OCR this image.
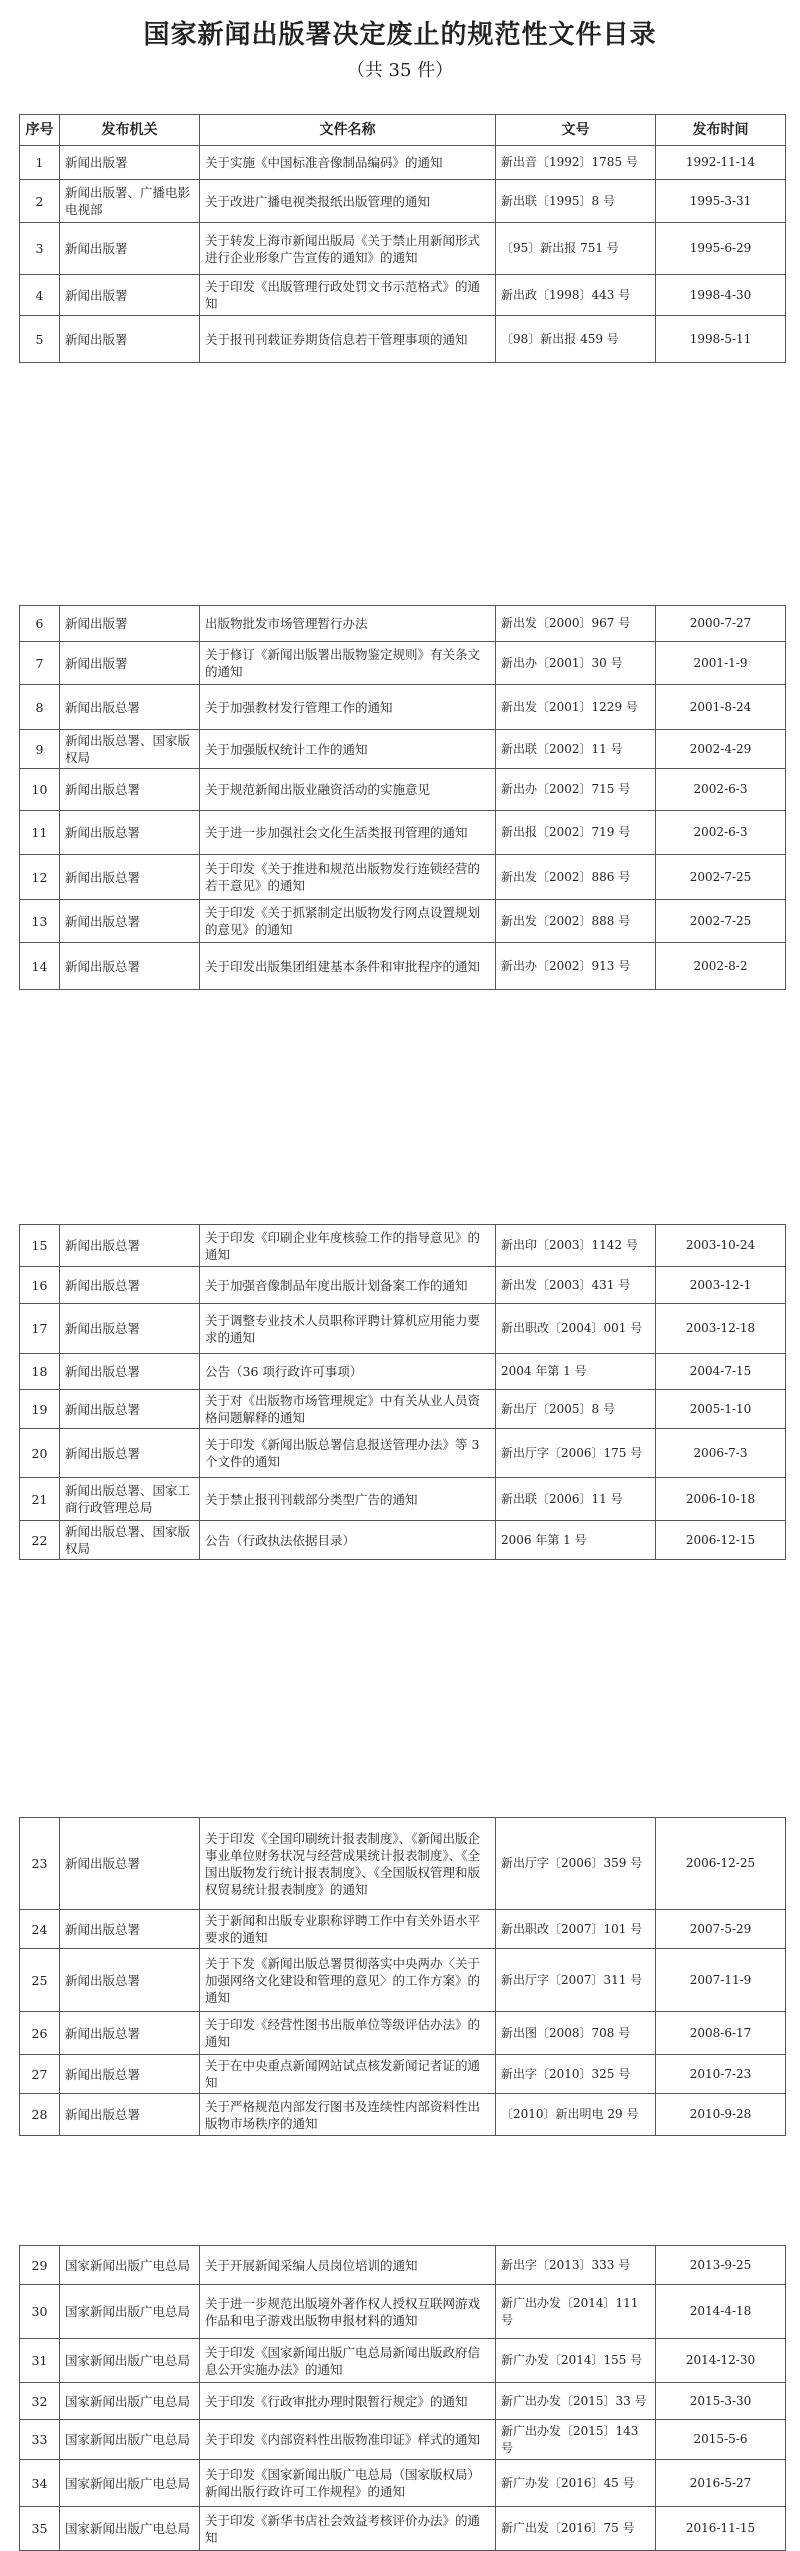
国家新闻出版署决定废止的规范性文件目录
（共 35 件）
序号	发布机关	文件名称	文号	发布时间
1	新闻出版署	关于实施《中国标准音像制品编码》的通知	新出音〔1992〕1785 号	1992-11-14
2	新闻出版署、广播电影电视部	关于改进广播电视类报纸出版管理的通知	新出联〔1995〕8 号	1995-3-31
3	新闻出版署	关于转发上海市新闻出版局《关于禁止用新闻形式进行企业形象广告宣传的通知》的通知	〔95〕新出报 751 号	1995-6-29
4	新闻出版署	关于印发《出版管理行政处罚文书示范格式》的通知	新出政〔1998〕443 号	1998-4-30
5	新闻出版署	关于报刊刊载证券期货信息若干管理事项的通知	〔98〕新出报 459 号	1998-5-11
6	新闻出版署	出版物批发市场管理暂行办法	新出发〔2000〕967 号	2000-7-27
7	新闻出版署	关于修订《新闻出版署出版物鉴定规则》有关条文的通知	新出办〔2001〕30 号	2001-1-9
8	新闻出版总署	关于加强教材发行管理工作的通知	新出发〔2001〕1229 号	2001-8-24
9	新闻出版总署、国家版权局	关于加强版权统计工作的通知	新出联〔2002〕11 号	2002-4-29
10	新闻出版总署	关于规范新闻出版业融资活动的实施意见	新出办〔2002〕715 号	2002-6-3
11	新闻出版总署	关于进一步加强社会文化生活类报刊管理的通知	新出报〔2002〕719 号	2002-6-3
12	新闻出版总署	关于印发《关于推进和规范出版物发行连锁经营的若干意见》的通知	新出发〔2002〕886 号	2002-7-25
13	新闻出版总署	关于印发《关于抓紧制定出版物发行网点设置规划的意见》的通知	新出发〔2002〕888 号	2002-7-25
14	新闻出版总署	关于印发出版集团组建基本条件和审批程序的通知	新出办〔2002〕913 号	2002-8-2
15	新闻出版总署	关于印发《印刷企业年度核验工作的指导意见》的通知	新出印〔2003〕1142 号	2003-10-24
16	新闻出版总署	关于加强音像制品年度出版计划备案工作的通知	新出发〔2003〕431 号	2003-12-1
17	新闻出版总署	关于调整专业技术人员职称评聘计算机应用能力要求的通知	新出职改〔2004〕001 号	2003-12-18
18	新闻出版总署	公告（36 项行政许可事项）	2004 年第 1 号	2004-7-15
19	新闻出版总署	关于对《出版物市场管理规定》中有关从业人员资格问题解释的通知	新出厅〔2005〕8 号	2005-1-10
20	新闻出版总署	关于印发《新闻出版总署信息报送管理办法》等 3 个文件的通知	新出厅字〔2006〕175 号	2006-7-3
21	新闻出版总署、国家工商行政管理总局	关于禁止报刊刊载部分类型广告的通知	新出联〔2006〕11 号	2006-10-18
22	新闻出版总署、国家版权局	公告（行政执法依据目录）	2006 年第 1 号	2006-12-15
23	新闻出版总署	关于印发《全国印刷统计报表制度》、《新闻出版企事业单位财务状况与经营成果统计报表制度》、《全国出版物发行统计报表制度》、《全国版权管理和版权贸易统计报表制度》的通知	新出厅字〔2006〕359 号	2006-12-25
24	新闻出版总署	关于新闻和出版专业职称评聘工作中有关外语水平要求的通知	新出职改〔2007〕101 号	2007-5-29
25	新闻出版总署	关于下发《新闻出版总署贯彻落实中央两办〈关于加强网络文化建设和管理的意见〉的工作方案》的通知	新出厅字〔2007〕311 号	2007-11-9
26	新闻出版总署	关于印发《经营性图书出版单位等级评估办法》的通知	新出图〔2008〕708 号	2008-6-17
27	新闻出版总署	关于在中央重点新闻网站试点核发新闻记者证的通知	新出字〔2010〕325 号	2010-7-23
28	新闻出版总署	关于严格规范内部发行图书及连续性内部资料性出版物市场秩序的通知	〔2010〕新出明电 29 号	2010-9-28
29	国家新闻出版广电总局	关于开展新闻采编人员岗位培训的通知	新出字〔2013〕333 号	2013-9-25
30	国家新闻出版广电总局	关于进一步规范出版境外著作权人授权互联网游戏作品和电子游戏出版物申报材料的通知	新广出办发〔2014〕111 号	2014-4-18
31	国家新闻出版广电总局	关于印发《国家新闻出版广电总局新闻出版政府信息公开实施办法》的通知	新广办发〔2014〕155 号	2014-12-30
32	国家新闻出版广电总局	关于印发《行政审批办理时限暂行规定》的通知	新广出办发〔2015〕33 号	2015-3-30
33	国家新闻出版广电总局	关于印发《内部资料性出版物准印证》样式的通知	新广出办发〔2015〕143 号	2015-5-6
34	国家新闻出版广电总局	关于印发《国家新闻出版广电总局（国家版权局）新闻出版行政许可工作规程》的通知	新广办发〔2016〕45 号	2016-5-27
35	国家新闻出版广电总局	关于印发《新华书店社会效益考核评价办法》的通知	新广出发〔2016〕75 号	2016-11-15
